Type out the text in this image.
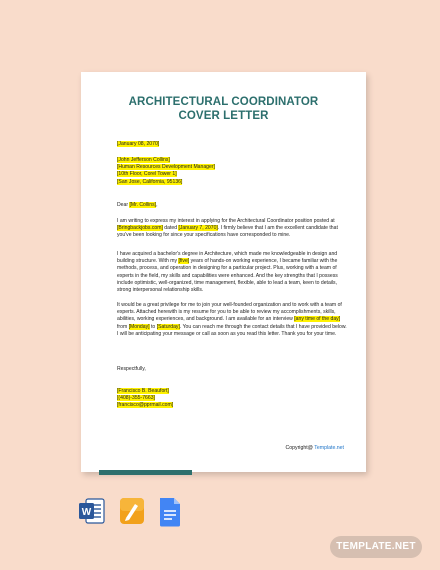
ARCHITECTURAL COORDINATOR
COVER LETTER
[January 08, 2070]
[John Jefferson Collins]
[Human Resources Development Manager]
[10th Floor, Corel Tower 1]
[San Jose, California, 95136]
Dear [Mr. Collins],
I am writing to express my interest in applying for the Architectural Coordinator position posted at [Bringbackjobs.com] dated [January 7, 2070]. I firmly believe that I am the excellent candidate that you've been looking for since your specifications have corresponded to mine.
I have acquired a bachelor's degree in Architecture, which made me knowledgeable in design and building structure. With my [five] years of hands-on working experience, I became familiar with the methods, process, and operation in designing for a particular project. Plus, working with a team of experts in the field, my skills and capabilities were enhanced. And the key strengths that I possess include optimistic, well-organized, time management, flexible, able to lead a team, keen to details, strong interpersonal relationship skills.
It would be a great privilege for me to join your well-founded organization and to work with a team of experts. Attached herewith is my resume for you to be able to review my accomplishments, skills, abilities, working experiences, and background. I am available for an interview [any time of the day] from [Monday] to [Saturday]. You can reach me through the contact details that I have provided below. I will be anticipating your message or call as soon as you read this letter. Thank you for your time.
Respectfully,
[Francisco B. Beaufort]
[(408)-355-7663]
[francisco@pprmail.com]
Copyright@ Template.net
W
TEMPLATE.NET
